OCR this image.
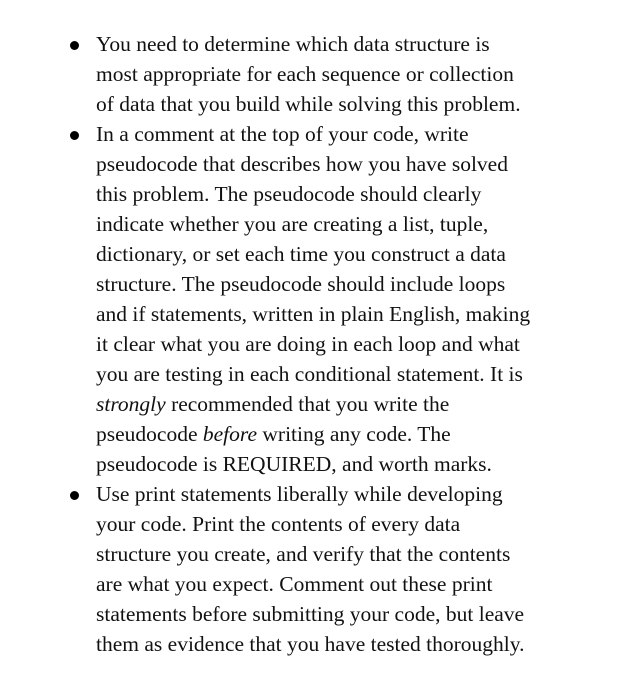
You need to determine which data structure is
most appropriate for each sequence or collection
of data that you build while solving this problem.
In a comment at the top of your code, write
pseudocode that describes how you have solved
this problem. The pseudocode should clearly
indicate whether you are creating a list, tuple,
dictionary, or set each time you construct a data
structure. The pseudocode should include loops
and if statements, written in plain English, making
it clear what you are doing in each loop and what
you are testing in each conditional statement. It is
strongly recommended that you write the
pseudocode before writing any code. The
pseudocode is REQUIRED, and worth marks.
Use print statements liberally while developing
your code. Print the contents of every data
structure you create, and verify that the contents
are what you expect. Comment out these print
statements before submitting your code, but leave
them as evidence that you have tested thoroughly.
